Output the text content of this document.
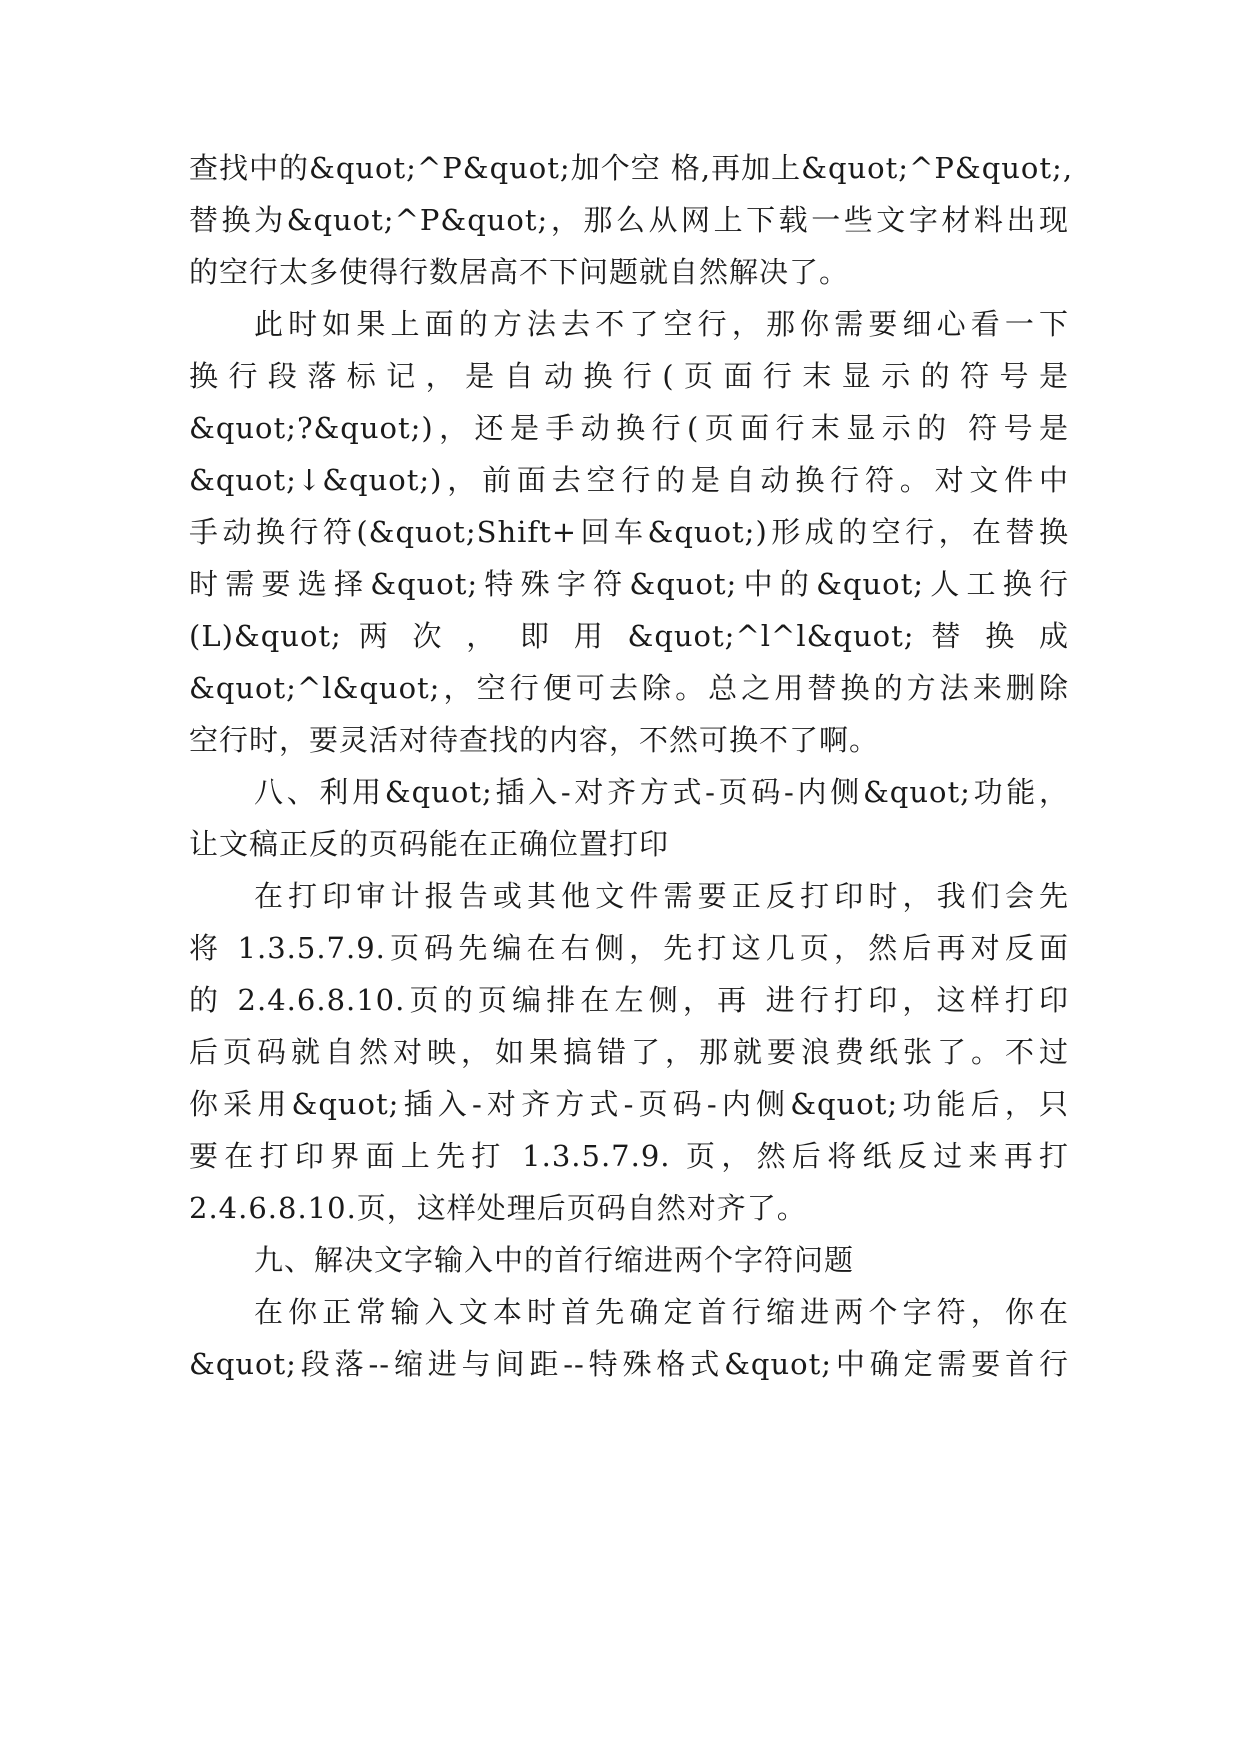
查找中的&quot;^P&quot;加个空 格,再加上&quot;^P&quot;,
替换为&quot;^P&quot;，那么从网上下载一些文字材料出现
的空行太多使得行数居高不下问题就自然解决了。
此时如果上面的方法去不了空行，那你需要细心看一下
换行段落标记，是自动换行(页面行末显示的符号是
&quot;?&quot;)，还是手动换行(页面行末显示的 符号是
&quot;↓&quot;)，前面去空行的是自动换行符。对文件中
手动换行符(&quot;Shift+回车&quot;)形成的空行，在替换
时需要选择&quot;特殊字符&quot;中的&quot;人工换行
(L)&quot; 两 次 ， 即 用 &quot;^l^l&quot; 替 换 成
&quot;^l&quot;，空行便可去除。总之用替换的方法来删除
空行时，要灵活对待查找的内容，不然可换不了啊。
八、利用&quot;插入-对齐方式-页码-内侧&quot;功能，
让文稿正反的页码能在正确位置打印
在打印审计报告或其他文件需要正反打印时，我们会先
将 1.3.5.7.9.页码先编在右侧，先打这几页，然后再对反面
的 2.4.6.8.10.页的页编排在左侧，再 进行打印，这样打印
后页码就自然对映，如果搞错了，那就要浪费纸张了。不过
你采用&quot;插入-对齐方式-页码-内侧&quot;功能后，只
要在打印界面上先打 1.3.5.7.9. 页，然后将纸反过来再打
2.4.6.8.10.页，这样处理后页码自然对齐了。
九、解决文字输入中的首行缩进两个字符问题
在你正常输入文本时首先确定首行缩进两个字符，你在
&quot;段落--缩进与间距--特殊格式&quot;中确定需要首行
